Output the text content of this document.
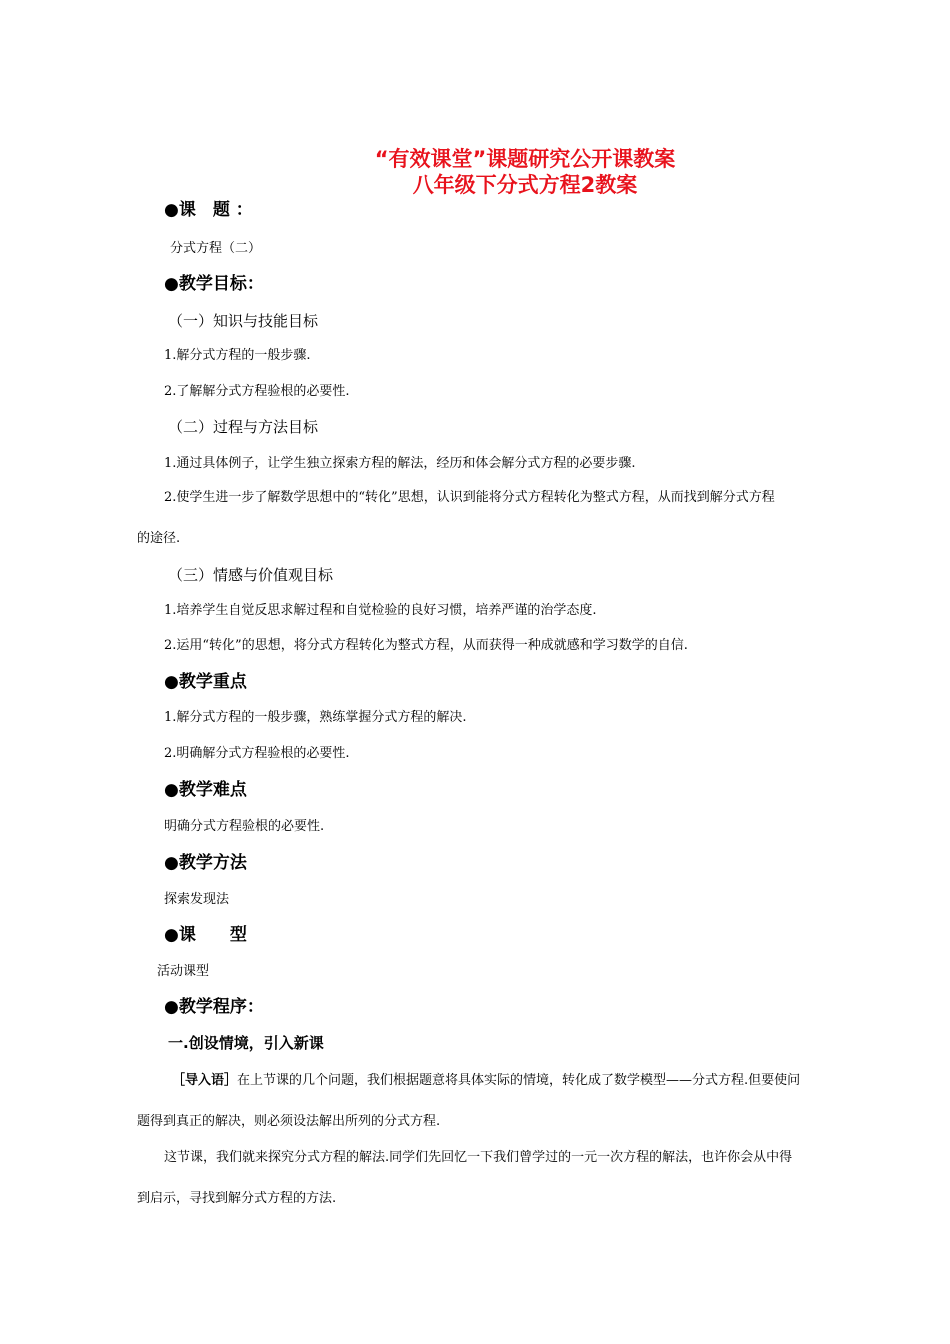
“有效课堂”课题研究公开课教案
八年级下分式方程2教案
●课　题 ：
分式方程（二）
●教学目标：
（一）知识与技能目标
1.解分式方程的一般步骤.
2.了解解分式方程验根的必要性.
（二）过程与方法目标
1.通过具体例子，让学生独立探索方程的解法，经历和体会解分式方程的必要步骤.
2.使学生进一步了解数学思想中的“转化”思想，认识到能将分式方程转化为整式方程，从而找到解分式方程
的途径.
（三）情感与价值观目标
1.培养学生自觉反思求解过程和自觉检验的良好习惯，培养严谨的治学态度.
2.运用“转化”的思想，将分式方程转化为整式方程，从而获得一种成就感和学习数学的自信.
●教学重点
1.解分式方程的一般步骤，熟练掌握分式方程的解决.
2.明确解分式方程验根的必要性.
●教学难点
明确分式方程验根的必要性.
●教学方法
探索发现法
●课　　型
活动课型
●教学程序：
一.创设情境，引入新课
［导入语］在上节课的几个问题，我们根据题意将具体实际的情境，转化成了数学模型——分式方程.但要使问
题得到真正的解决，则必须设法解出所列的分式方程.
这节课，我们就来探究分式方程的解法.同学们先回忆一下我们曾学过的一元一次方程的解法，也许你会从中得
到启示，寻找到解分式方程的方法.
